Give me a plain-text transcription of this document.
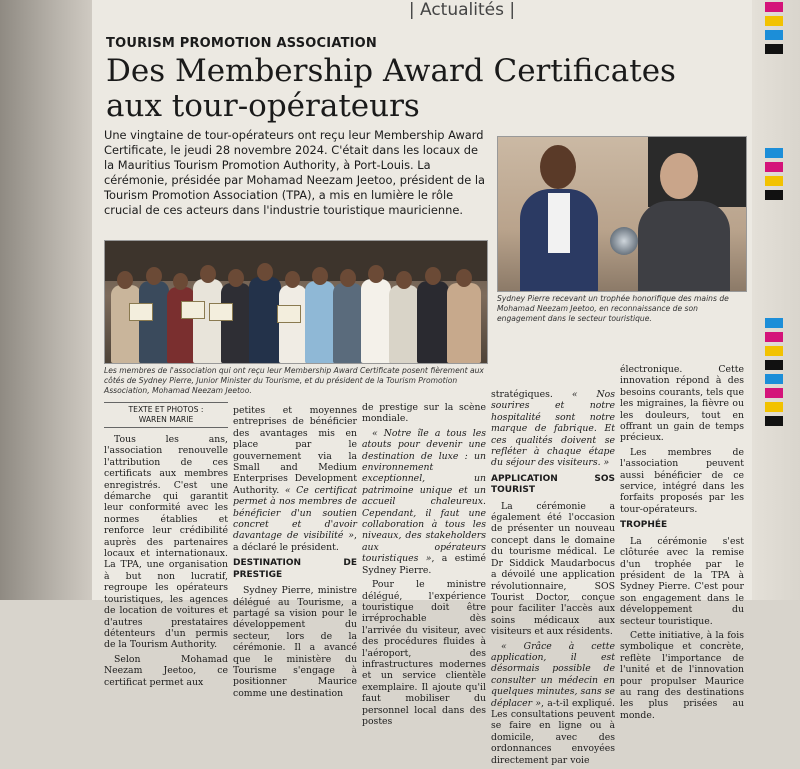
| Actualités |
TOURISM PROMOTION ASSOCIATION
Des Membership Award Certificates
aux tour-opérateurs
Une vingtaine de tour-opérateurs ont reçu leur Membership Award Certificate, le jeudi 28 novembre 2024. C'était dans les locaux de la Mauritius Tourism Promotion Authority, à Port-Louis. La cérémonie, présidée par Mohamad Neezam Jeetoo, président de la Tourism Promotion Association (TPA), a mis en lumière le rôle crucial de ces acteurs dans l'industrie touristique mauricienne.
Les membres de l'association qui ont reçu leur Membership Award Certificate posent fièrement aux côtés de Sydney Pierre, Junior Minister du Tourisme, et du président de la Tourism Promotion Association, Mohamad Neezam Jeetoo.
Sydney Pierre recevant un trophée honorifique des mains de Mohamad Neezam Jeetoo, en reconnaissance de son engagement dans le secteur touristique.
TEXTE ET PHOTOS :
WAREN MARIE

Tous les ans, l'association renouvelle l'attribution de ces certificats aux membres enregistrés. C'est une démarche qui garantit leur conformité avec les normes établies et renforce leur crédibilité auprès des partenaires locaux et internationaux. La TPA, une organisation à but non lucratif, regroupe les opérateurs touristiques, les agences de location de voitures et d'autres prestataires détenteurs d'un permis de la Tourism Authority.

Selon Mohamad Neezam Jeetoo, ce certificat permet aux

petites et moyennes entreprises de bénéficier des avantages mis en place par le gouvernement via la Small and Medium Enterprises Development Authority. « Ce certificat permet à nos membres de bénéficier d'un soutien concret et d'avoir davantage de visibilité », a déclaré le président.

DESTINATION DE PRESTIGE

Sydney Pierre, ministre délégué au Tourisme, a partagé sa vision pour le développement du secteur, lors de la cérémonie. Il a avancé que le ministère du Tourisme s'engage à positionner Maurice comme une destination

de prestige sur la scène mondiale.

« Notre île a tous les atouts pour devenir une destination de luxe : un environnement exceptionnel, un patrimoine unique et un accueil chaleureux. Cependant, il faut une collaboration à tous les niveaux, des stakeholders aux opérateurs touristiques », a estimé Sydney Pierre.

Pour le ministre délégué, l'expérience touristique doit être irréprochable dès l'arrivée du visiteur, avec des procédures fluides à l'aéroport, des infrastructures modernes et un service clientèle exemplaire. Il ajoute qu'il faut mobiliser du personnel local dans des postes

stratégiques. « Nos sourires et notre hospitalité sont notre marque de fabrique. Et ces qualités doivent se refléter à chaque étape du séjour des visiteurs. »

APPLICATION SOS TOURIST

La cérémonie a également été l'occasion de présenter un nouveau concept dans le domaine du tourisme médical. Le Dr Siddick Maudarbocus a dévoilé une application révolutionnaire, SOS Tourist Doctor, conçue pour faciliter l'accès aux soins médicaux aux visiteurs et aux résidents.

« Grâce à cette application, il est désormais possible de consulter un médecin en quelques minutes, sans se déplacer », a-t-il expliqué. Les consultations peuvent se faire en ligne ou à domicile, avec des ordonnances envoyées directement par voie

électronique. Cette innovation répond à des besoins courants, tels que les migraines, la fièvre ou les douleurs, tout en offrant un gain de temps précieux.

Les membres de l'association peuvent aussi bénéficier de ce service, intégré dans les forfaits proposés par les tour-opérateurs.

TROPHÉE

La cérémonie s'est clôturée avec la remise d'un trophée par le président de la TPA à Sydney Pierre. C'est pour son engagement dans le développement du secteur touristique.

Cette initiative, à la fois symbolique et concrète, reflète l'importance de l'unité et de l'innovation pour propulser Maurice au rang des destinations les plus prisées au monde.
